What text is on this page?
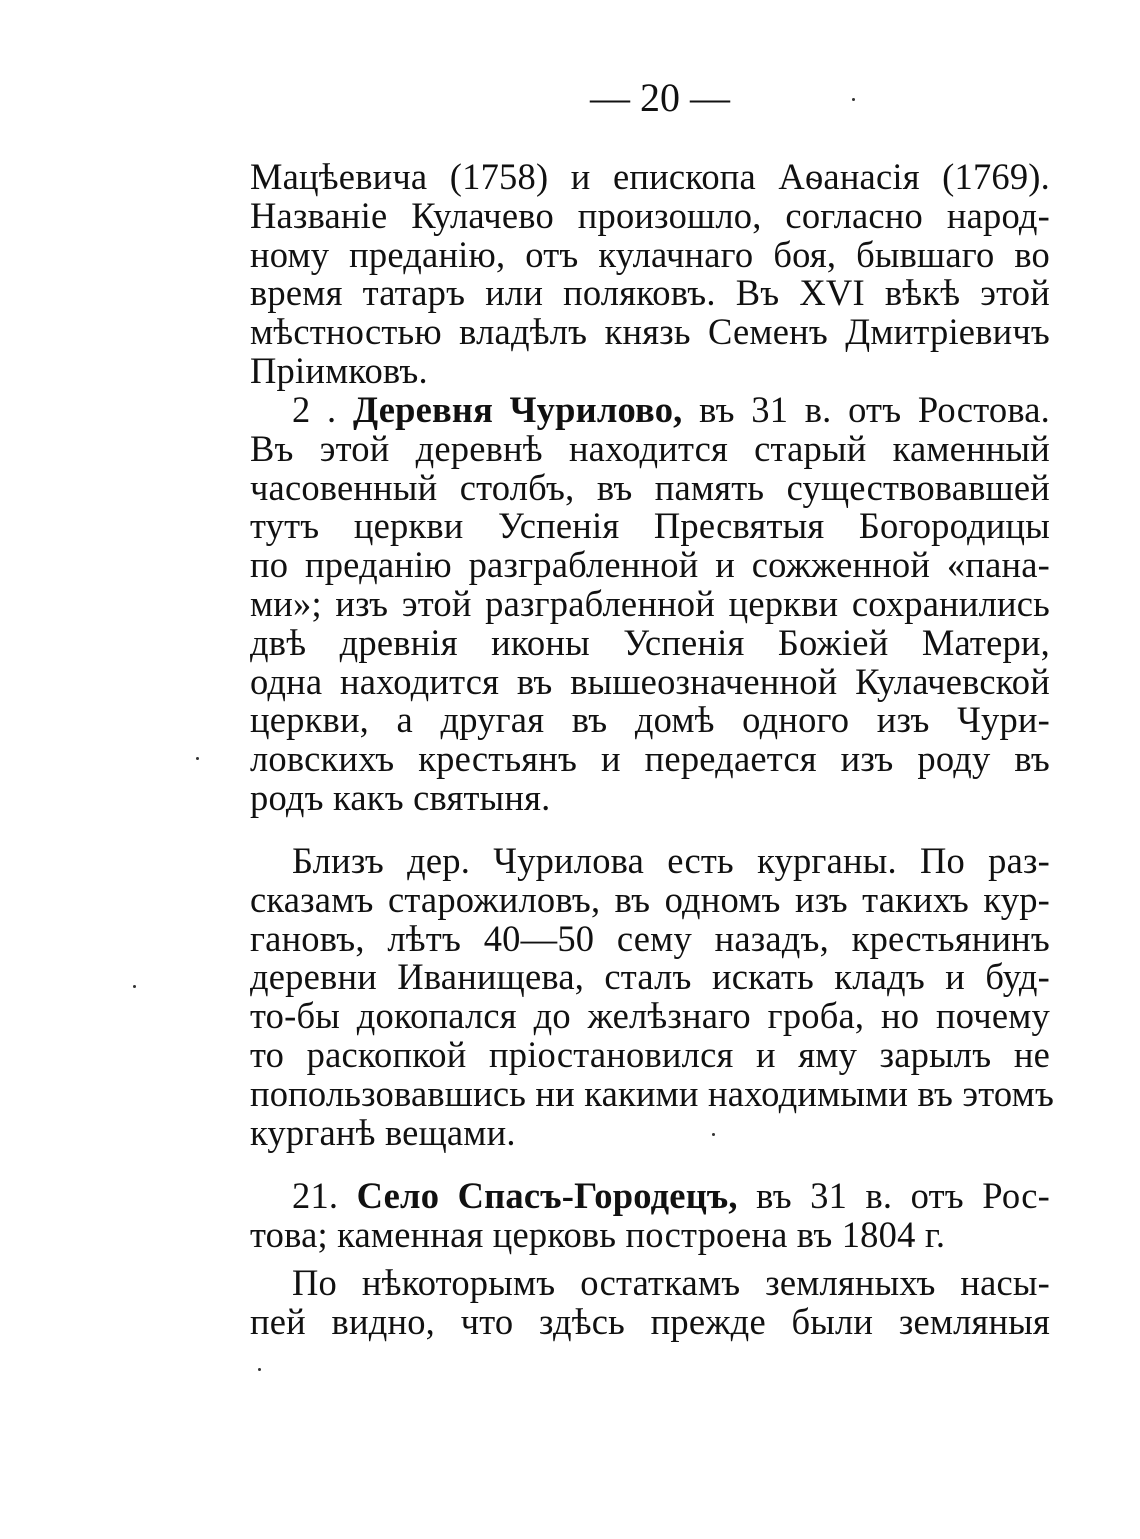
— 20 —
Мацѣевича (1758) и епископа Аѳанасія (1769).
Названіе Кулачево произошло, согласно народ-
ному преданію, отъ кулачнаго боя, бывшаго во
время татаръ или поляковъ. Въ XVI вѣкѣ этой
мѣстностью владѣлъ князь Семенъ Дмитріевичъ
Пріимковъ.
2 . Деревня Чурилово, въ 31 в. отъ Ростова.
Въ этой деревнѣ находится старый каменный
часовенный столбъ, въ память существовавшей
тутъ церкви Успенія Пресвятыя Богородицы
по преданію разграбленной и сожженной «пана-
ми»; изъ этой разграбленной церкви сохранились
двѣ древнія иконы Успенія Божіей Матери,
одна находится въ вышеозначенной Кулачевской
церкви, а другая въ домѣ одного изъ Чури-
ловскихъ крестьянъ и передается изъ роду въ
родъ какъ святыня.
Близъ дер. Чурилова есть курганы. По раз-
сказамъ старожиловъ, въ одномъ изъ такихъ кур-
гановъ, лѣтъ 40—50 сему назадъ, крестьянинъ
деревни Иванищева, сталъ искать кладъ и буд-
то-бы докопался до желѣзнаго гроба, но почему
то раскопкой пріостановился и яму зарылъ не
попользовавшись ни какими находимыми въ этомъ
курганѣ вещами.
21. Село Спасъ-Городецъ, въ 31 в. отъ Рос-
това; каменная церковь построена въ 1804 г.
По нѣкоторымъ остаткамъ земляныхъ насы-
пей видно, что здѣсь прежде были земляныя
